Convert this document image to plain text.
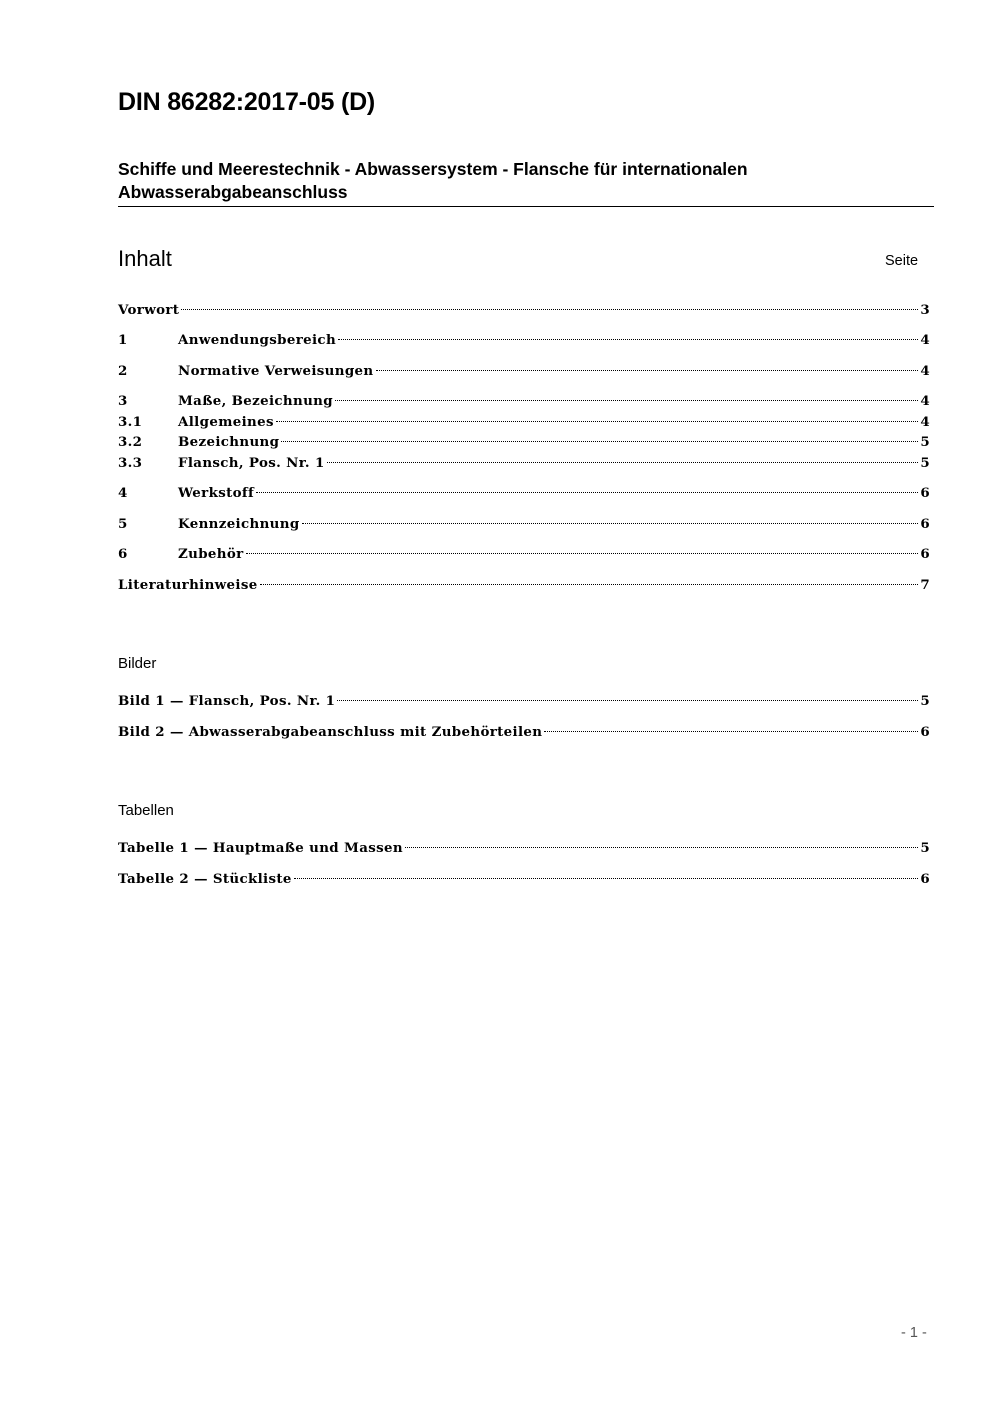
DIN 86282:2017-05 (D)
Schiffe und Meerestechnik - Abwassersystem - Flansche für internationalen
Abwasserabgabeanschluss
Inhalt	Seite
Vorwort	3
1	Anwendungsbereich	4
2	Normative Verweisungen	4
3	Maße, Bezeichnung	4
3.1	Allgemeines	4
3.2	Bezeichnung	5
3.3	Flansch, Pos. Nr. 1	5
4	Werkstoff	6
5	Kennzeichnung	6
6	Zubehör	6
Literaturhinweise	7
Bild 1 — Flansch, Pos. Nr. 1	5
Bild 2 — Abwasserabgabeanschluss mit Zubehörteilen	6
Tabelle 1 — Hauptmaße und Massen	5
Tabelle 2 — Stückliste	6
Bilder
Tabellen
- 1 -
